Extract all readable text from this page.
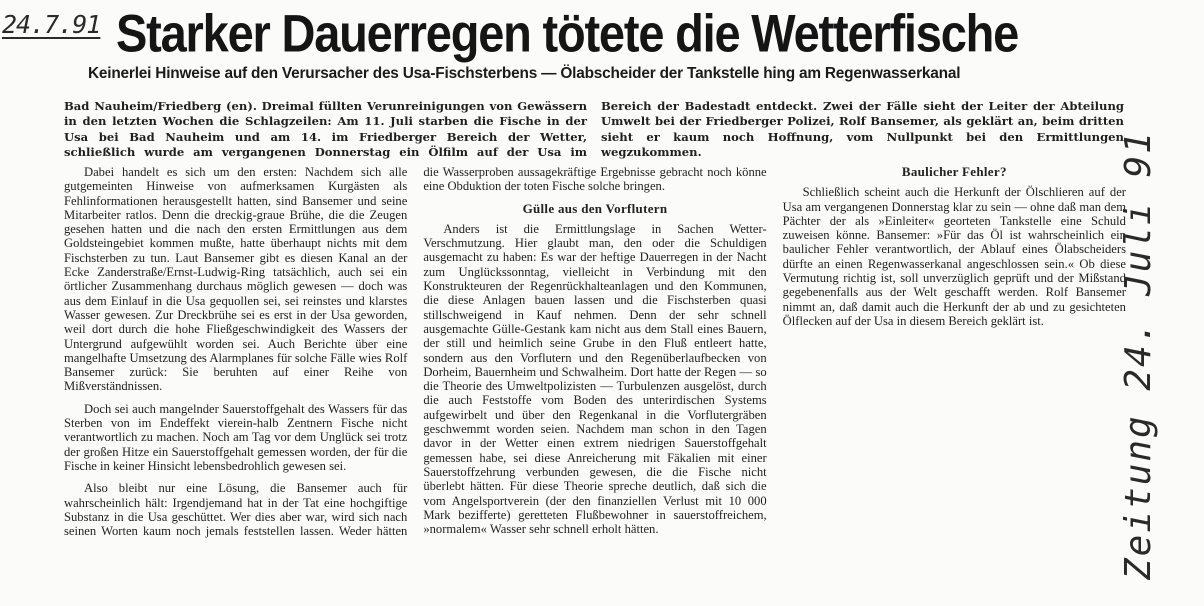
24.7.91 Starker Dauerregen tötete die Wetterfische
Keinerlei Hinweise auf den Verursacher des Usa-Fischsterbens — Ölabscheider der Tankstelle hing am Regenwasserkanal

Bad Nauheim/Friedberg (en). Dreimal füllten Verunreinigungen von Gewässern in den letzten Wochen die Schlagzeilen: Am 11. Juli starben die Fische in der Usa bei Bad Nauheim und am 14. im Friedberger Bereich der Wetter, schließlich wurde am vergangenen Donnerstag ein Ölfilm auf der Usa im Bereich der Badestadt entdeckt. Zwei der Fälle sieht der Leiter der Abteilung Umwelt bei der Friedberger Polizei, Rolf Bansemer, als geklärt an, beim dritten sieht er kaum noch Hoffnung, vom Nullpunkt bei den Ermittlungen wegzukommen.

Dabei handelt es sich um den ersten: Nachdem sich alle gutgemeinten Hinweise von aufmerksamen Kurgästen als Fehlinformationen herausgestellt hatten, sind Bansemer und seine Mitarbeiter ratlos. Denn die dreckig-graue Brühe, die die Zeugen gesehen hatten und die nach den ersten Ermittlungen aus dem Goldsteingebiet kommen mußte, hatte überhaupt nichts mit dem Fischsterben zu tun. Laut Bansemer gibt es diesen Kanal an der Ecke Zanderstraße/Ernst-Ludwig-Ring tatsächlich, auch sei ein örtlicher Zusammenhang durchaus möglich gewesen — doch was aus dem Einlauf in die Usa gequollen sei, sei reinstes und klarstes Wasser gewesen. Zur Dreckbrühe sei es erst in der Usa geworden, weil dort durch die hohe Fließgeschwindigkeit des Wassers der Untergrund aufgewühlt worden sei. Auch Berichte über eine mangelhafte Umsetzung des Alarmplanes für solche Fälle wies Rolf Bansemer zurück: Sie beruhten auf einer Reihe von Mißverständnissen.

Doch sei auch mangelnder Sauerstoffgehalt des Wassers für das Sterben von im Endeffekt vierein-halb Zentnern Fische nicht verantwortlich zu machen. Noch am Tag vor dem Unglück sei trotz der großen Hitze ein Sauerstoffgehalt gemessen worden, der für die Fische in keiner Hinsicht lebensbedrohlich gewesen sei.

Also bleibt nur eine Lösung, die Bansemer auch für wahrscheinlich hält: Irgendjemand hat in der Tat eine hochgiftige Substanz in die Usa geschüttet. Wer dies aber war, wird sich nach seinen Worten kaum noch jemals feststellen lassen. Weder hätten die Wasserproben aussagekräftige Ergebnisse gebracht noch könne eine Obduktion der toten Fische solche bringen.

Gülle aus den Vorflutern

Anders ist die Ermittlungslage in Sachen Wetter-Verschmutzung. Hier glaubt man, den oder die Schuldigen ausgemacht zu haben: Es war der heftige Dauerregen in der Nacht zum Unglückssonntag, vielleicht in Verbindung mit den Konstrukteuren der Regenrückhalteanlagen und den Kommunen, die diese Anlagen bauen lassen und die Fischsterben quasi stillschweigend in Kauf nehmen. Denn der sehr schnell ausgemachte Gülle-Gestank kam nicht aus dem Stall eines Bauern, der still und heimlich seine Grube in den Fluß entleert hatte, sondern aus den Vorflutern und den Regenüberlaufbecken von Dorheim, Bauernheim und Schwalheim. Dort hatte der Regen — so die Theorie des Umweltpolizisten — Turbulenzen ausgelöst, durch die auch Feststoffe vom Boden des unterirdischen Systems aufgewirbelt und über den Regenkanal in die Vorflutergräben geschwemmt worden seien. Nachdem man schon in den Tagen davor in der Wetter einen extrem niedrigen Sauerstoffgehalt gemessen habe, sei diese Anreicherung mit Fäkalien mit einer Sauerstoffzehrung verbunden gewesen, die die Fische nicht überlebt hätten. Für diese Theorie spreche deutlich, daß sich die vom Angelsportverein (der den finanziellen Verlust mit 10 000 Mark bezifferte) geretteten Flußbewohner in sauerstoffreichem, »normalem« Wasser sehr schnell erholt hätten.

Baulicher Fehler?

Schließlich scheint auch die Herkunft der Ölschlieren auf der Usa am vergangenen Donnerstag klar zu sein — ohne daß man dem Pächter der als »Einleiter« georteten Tankstelle eine Schuld zuweisen könne. Bansemer: »Für das Öl ist wahrscheinlich ein baulicher Fehler verantwortlich, der Ablauf eines Ölabscheiders dürfte an einen Regenwasserkanal angeschlossen sein.« Ob diese Vermutung richtig ist, soll unverzüglich geprüft und der Mißstand gegebenenfalls aus der Welt geschafft werden. Rolf Bansemer nimmt an, daß damit auch die Herkunft der ab und zu gesichteten Ölflecken auf der Usa in diesem Bereich geklärt ist.	Zeitung 24. Juli 91
